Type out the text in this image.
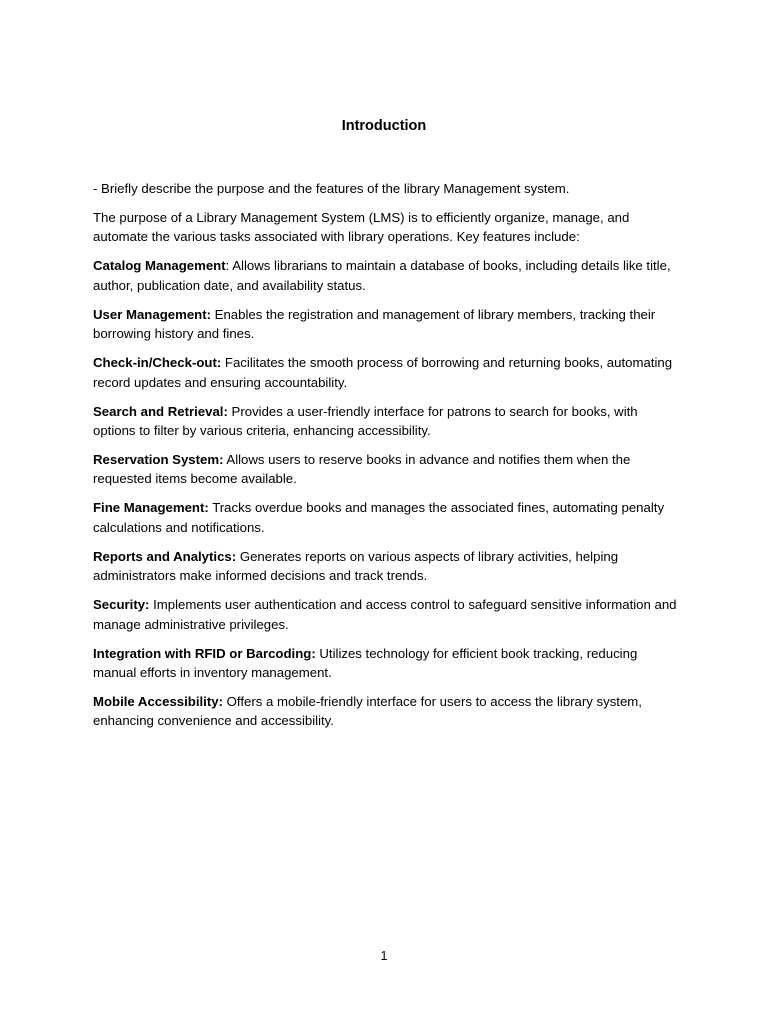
Introduction

- Briefly describe the purpose and the features of the library Management system.

The purpose of a Library Management System (LMS) is to efficiently organize, manage, and automate the various tasks associated with library operations. Key features include:

Catalog Management: Allows librarians to maintain a database of books, including details like title, author, publication date, and availability status.

User Management: Enables the registration and management of library members, tracking their borrowing history and fines.

Check-in/Check-out: Facilitates the smooth process of borrowing and returning books, automating record updates and ensuring accountability.

Search and Retrieval: Provides a user-friendly interface for patrons to search for books, with options to filter by various criteria, enhancing accessibility.

Reservation System: Allows users to reserve books in advance and notifies them when the requested items become available.

Fine Management: Tracks overdue books and manages the associated fines, automating penalty calculations and notifications.

Reports and Analytics: Generates reports on various aspects of library activities, helping administrators make informed decisions and track trends.

Security: Implements user authentication and access control to safeguard sensitive information and manage administrative privileges.

Integration with RFID or Barcoding: Utilizes technology for efficient book tracking, reducing manual efforts in inventory management.

Mobile Accessibility: Offers a mobile-friendly interface for users to access the library system, enhancing convenience and accessibility.

1
